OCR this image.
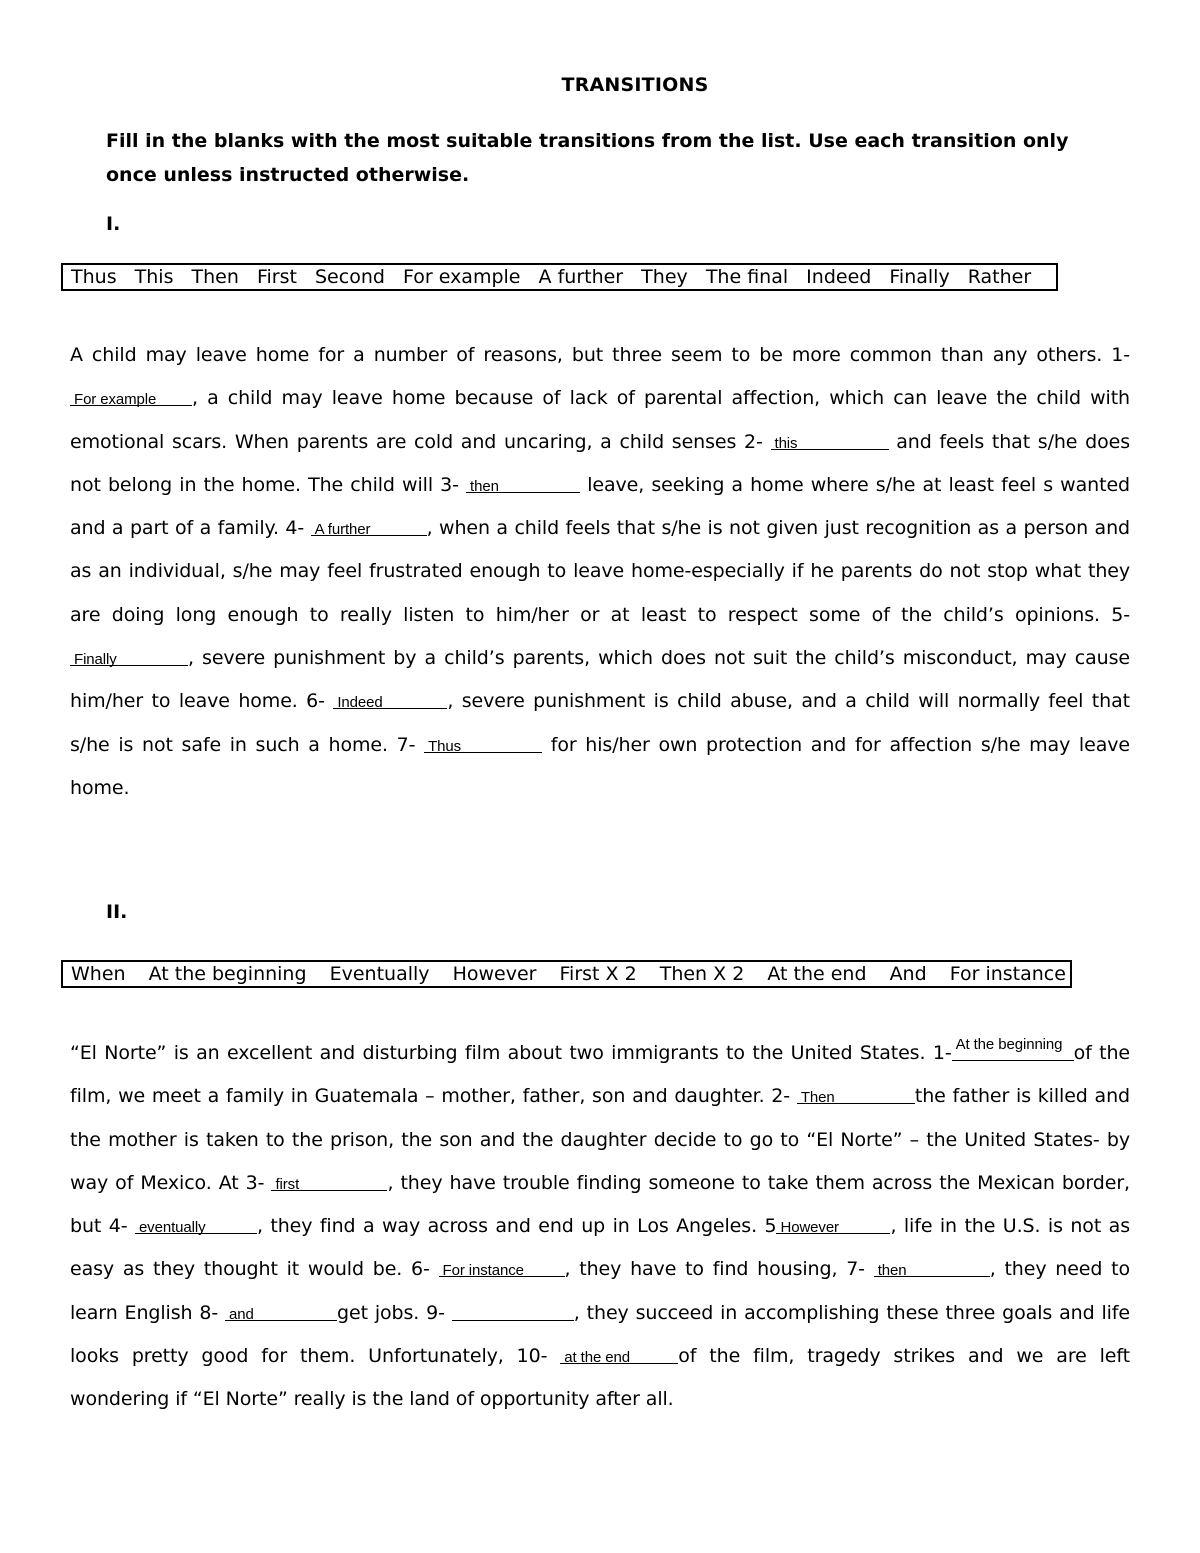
TRANSITIONS
Fill in the blanks with the most suitable transitions from the list. Use each transition only once unless instructed otherwise.
I.
Thus This Then First Second For example A further They The final Indeed Finally Rather
A child may leave home for a number of reasons, but three seem to be more common than any others. 1-
For example , a child may leave home because of lack of parental affection, which can leave the child with emotional scars. When parents are cold and uncaring, a child senses 2- this	and feels that s/he does not belong in the home. The child will 3- then	leave, seeking a home where s/he at least feel s wanted and a part of a family. 4- A further	, when a child feels that s/he is not given just recognition as a person and as an individual, s/he may feel frustrated enough to leave home-especially if he parents do not stop what they are doing long enough to really listen to him/her or at least to respect some of the child’s opinions. 5-
Finally	, severe punishment by a child’s parents, which does not suit the child’s misconduct, may cause him/her to leave home. 6- Indeed	, severe punishment is child abuse, and a child will normally feel that s/he is not safe in such a home. 7- Thus	for his/her own protection and for affection s/he may leave home.
II.
When At the beginning Eventually However First X 2 Then X 2 At the end And For instance
“El Norte” is an excellent and disturbing film about two immigrants to the United States. 1- At the beginning of the film, we meet a family in Guatemala – mother, father, son and daughter. 2- Then	the father is killed and the mother is taken to the prison, the son and the daughter decide to go to “El Norte” – the United States- by way of Mexico. At 3- first	, they have trouble finding someone to take them across the Mexican border, but 4- eventually	, they find a way across and end up in Los Angeles. 5 However	, life in the U.S. is not as easy as they thought it would be. 6- For instance , they have to find housing, 7- then	, they need to learn English 8- and	get jobs. 9-	, they succeed in accomplishing these three goals and life looks pretty good for them. Unfortunately, 10- at the end	of the film, tragedy strikes and we are left wondering if “El Norte” really is the land of opportunity after all.
